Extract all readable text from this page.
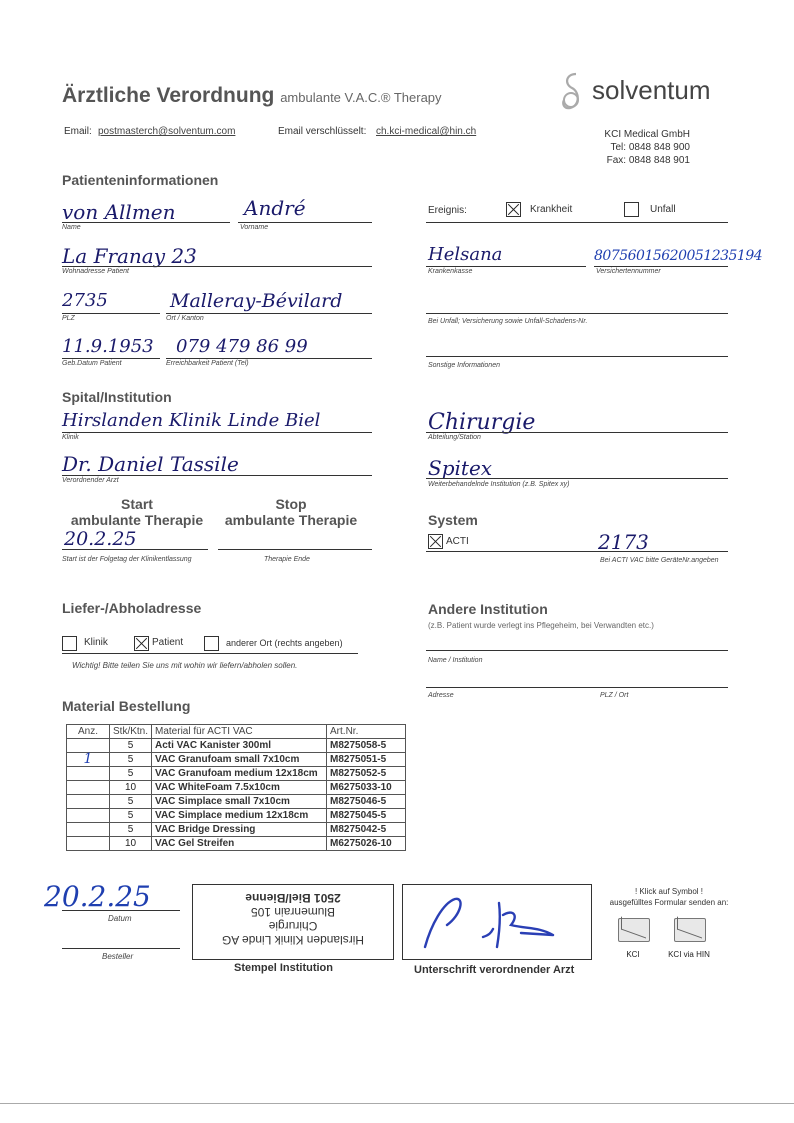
Ärztliche Verordnung ambulante V.A.C.® Therapy	solventum
Email: postmasterch@solventum.com	Email verschlüsselt: ch.kci-medical@hin.ch	KCI Medical GmbH
Tel: 0848 848 900
Fax: 0848 848 901
Patienteninformationen
von Allmen	André
Name	Vorname
La Franay 23
Wohnadresse Patient
2735	Malleray-Bévilard
PLZ	Ort / Kanton
11.9.1953 079 479 86 99
Geb.Datum Patient	Erreichbarkeit Patient (Tel)
Ereignis:	Krankheit	Unfall
Helsana	80756015620051235194
Krankenkasse	Versichertennummer
Bei Unfall; Versicherung sowie Unfall-Schadens-Nr.
Sonstige Informationen
Spital/Institution
Hirslanden Klinik Linde Biel
Klinik
Chirurgie
Abteilung/Station
Dr. Daniel Tassile
Verordnender Arzt
Spitex
Weiterbehandelnde Institution (z.B. Spitex xy)
Start
ambulante Therapie
Stop
ambulante Therapie
20.2.25
Start ist der Folgetag der Klinikentlassung	Therapie Ende
System
ACTI	2173
Bei ACTI VAC bitte GeräteNr.angeben
Liefer-/Abholadresse
Klinik	Patient	anderer Ort (rechts angeben)
Wichtig! Bitte teilen Sie uns mit wohin wir liefern/abholen sollen.
Andere Institution
(z.B. Patient wurde verlegt ins Pflegeheim, bei Verwandten etc.)
Name / Institution
Adresse	PLZ / Ort
Material Bestellung
Anz.	Stk/Ktn.	Material für ACTI VAC	Art.Nr.
	5	Acti VAC Kanister 300ml	M8275058-5
1	5	VAC Granufoam small 7x10cm	M8275051-5
	5	VAC Granufoam medium 12x18cm	M8275052-5
	10	VAC WhiteFoam 7.5x10cm	M6275033-10
	5	VAC Simplace small 7x10cm	M8275046-5
	5	VAC Simplace medium 12x18cm	M8275045-5
	5	VAC Bridge Dressing	M8275042-5
	10	VAC Gel Streifen	M6275026-10
20.2.25
Datum
Besteller
Hirslanden Klinik Linde AG
Chirurgie
Blumenrain 105
2501 Biel/Bienne
Stempel Institution	Unterschrift verordnender Arzt
! Klick auf Symbol !
ausgefülltes Formular senden an:
KCI	KCI via HIN
